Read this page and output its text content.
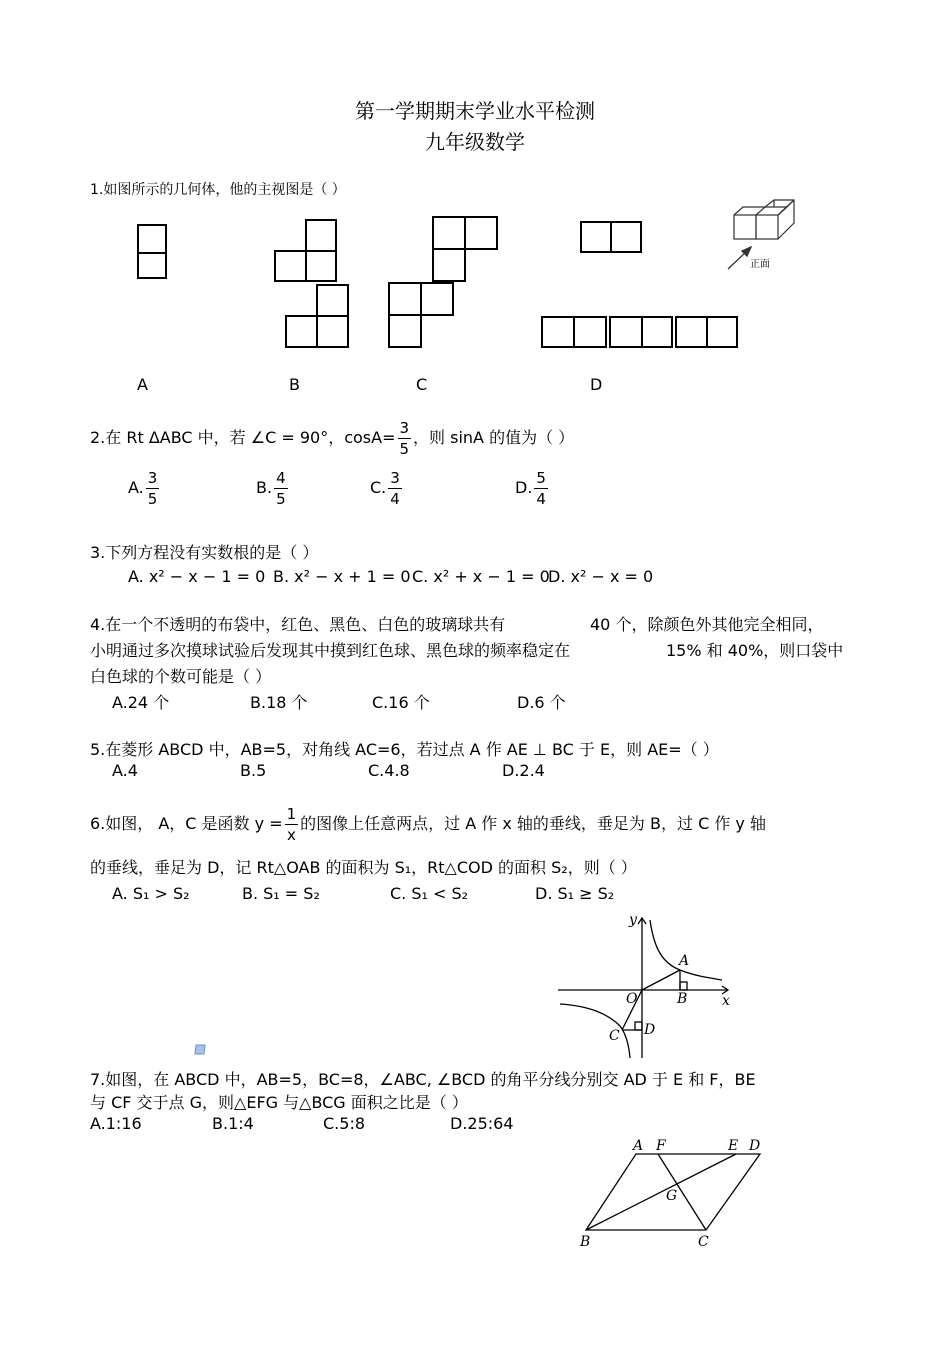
第一学期期末学业水平检测
九年级数学
1.如图所示的几何体，他的主视图是（ ）
正面
A	B	C	D
2.在 Rt ΔABC 中，若 ∠C = 90°，$\cos A= \frac{3}{5}$ ，则 sinA 的值为（ ）
A. $\frac{3}{5}$	B. $\frac{4}{5}$	C. $\frac{3}{4}$	D. $\frac{5}{4}$
3.下列方程没有实数根的是（ ）
A. x² − x − 1 = 0 B. x² − x + 1 = 0 C. x² + x − 1 = 0
D. x² − x = 0
4.在一个不透明的布袋中，红色、黑色、白色的玻璃球共有	40 个，除颜色外其他完全相同，
小明通过多次摸球试验后发现其中摸到红色球、黑色球的频率稳定在	15% 和 40%，则口袋中
白色球的个数可能是（ ）
A.24 个	B.18 个	C.16 个	D.6 个
5.在菱形 ABCD 中，AB=5，对角线 AC=6，若过点 A 作 AE ⊥ BC 于 E，则 AE=（ ）
A.4	B.5	C.4.8	D.2.4
6.如图， A，C 是函数 $y = \frac{1}{x}$ 的图像上任意两点，过 A 作 x 轴的垂线，垂足为 B，过 C 作 y 轴
的垂线，垂足为 D，记 Rt△OAB 的面积为 S₁，Rt△COD 的面积 S₂，则（ ）
A. S₁ > S₂	B. S₁ = S₂	C. S₁ < S₂	D. S₁ ≥ S₂
y
x
A
B
O
C D
7.如图，在 ABCD 中，AB=5，BC=8，∠ABC, ∠BCD 的角平分线分别交 AD 于 E 和 F，BE
与 CF 交于点 G，则△EFG 与△BCG 面积之比是（ ）
A.1:16	B.1:4	C.5:8	D.25:64
A F	E D
G
B	C
